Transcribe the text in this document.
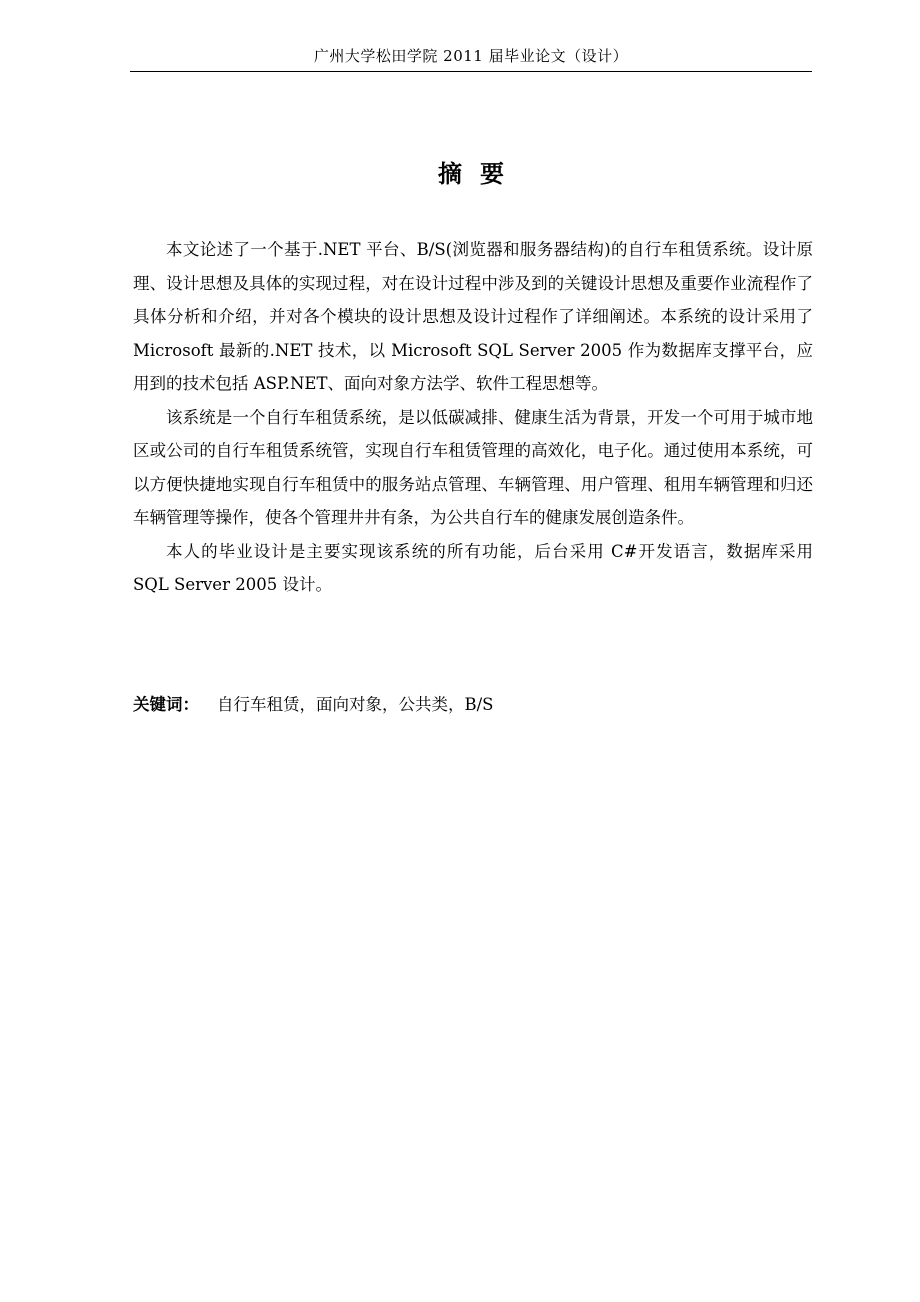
广州大学松田学院 2011 届毕业论文（设计）
摘要

本文论述了一个基于.NET 平台、B/S(浏览器和服务器结构)的自行车租赁系统。设计原理、设计思想及具体的实现过程，对在设计过程中涉及到的关键设计思想及重要作业流程作了具体分析和介绍，并对各个模块的设计思想及设计过程作了详细阐述。本系统的设计采用了 Microsoft 最新的.NET 技术，以 Microsoft SQL Server 2005 作为数据库支撑平台，应用到的技术包括 ASP.NET、面向对象方法学、软件工程思想等。

该系统是一个自行车租赁系统，是以低碳减排、健康生活为背景，开发一个可用于城市地区或公司的自行车租赁系统管，实现自行车租赁管理的高效化，电子化。通过使用本系统，可以方便快捷地实现自行车租赁中的服务站点管理、车辆管理、用户管理、租用车辆管理和归还车辆管理等操作，使各个管理井井有条，为公共自行车的健康发展创造条件。

本人的毕业设计是主要实现该系统的所有功能，后台采用 C#开发语言，数据库采用 SQL Server 2005 设计。

关键词： 自行车租赁，面向对象，公共类，B/S
